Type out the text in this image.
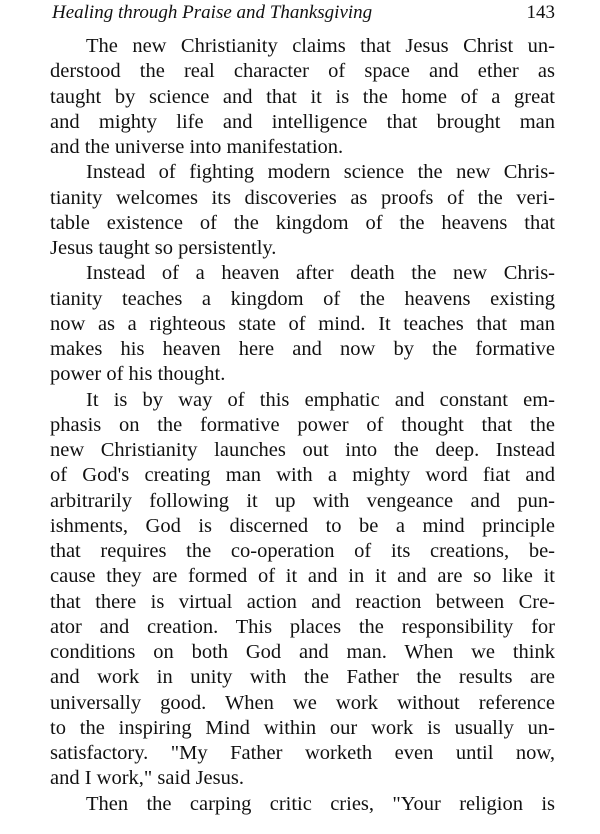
Healing through Praise and Thanksgiving	143
The new Christianity claims that Jesus Christ un-
derstood the real character of space and ether as
taught by science and that it is the home of a great
and mighty life and intelligence that brought man
and the universe into manifestation.
Instead of fighting modern science the new Chris-
tianity welcomes its discoveries as proofs of the veri-
table existence of the kingdom of the heavens that
Jesus taught so persistently.
Instead of a heaven after death the new Chris-
tianity teaches a kingdom of the heavens existing
now as a righteous state of mind. It teaches that man
makes his heaven here and now by the formative
power of his thought.
It is by way of this emphatic and constant em-
phasis on the formative power of thought that the
new Christianity launches out into the deep. Instead
of God's creating man with a mighty word fiat and
arbitrarily following it up with vengeance and pun-
ishments, God is discerned to be a mind principle
that requires the co-operation of its creations, be-
cause they are formed of it and in it and are so like it
that there is virtual action and reaction between Cre-
ator and creation. This places the responsibility for
conditions on both God and man. When we think
and work in unity with the Father the results are
universally good. When we work without reference
to the inspiring Mind within our work is usually un-
satisfactory. "My Father worketh even until now,
and I work," said Jesus.
Then the carping critic cries, "Your religion is
